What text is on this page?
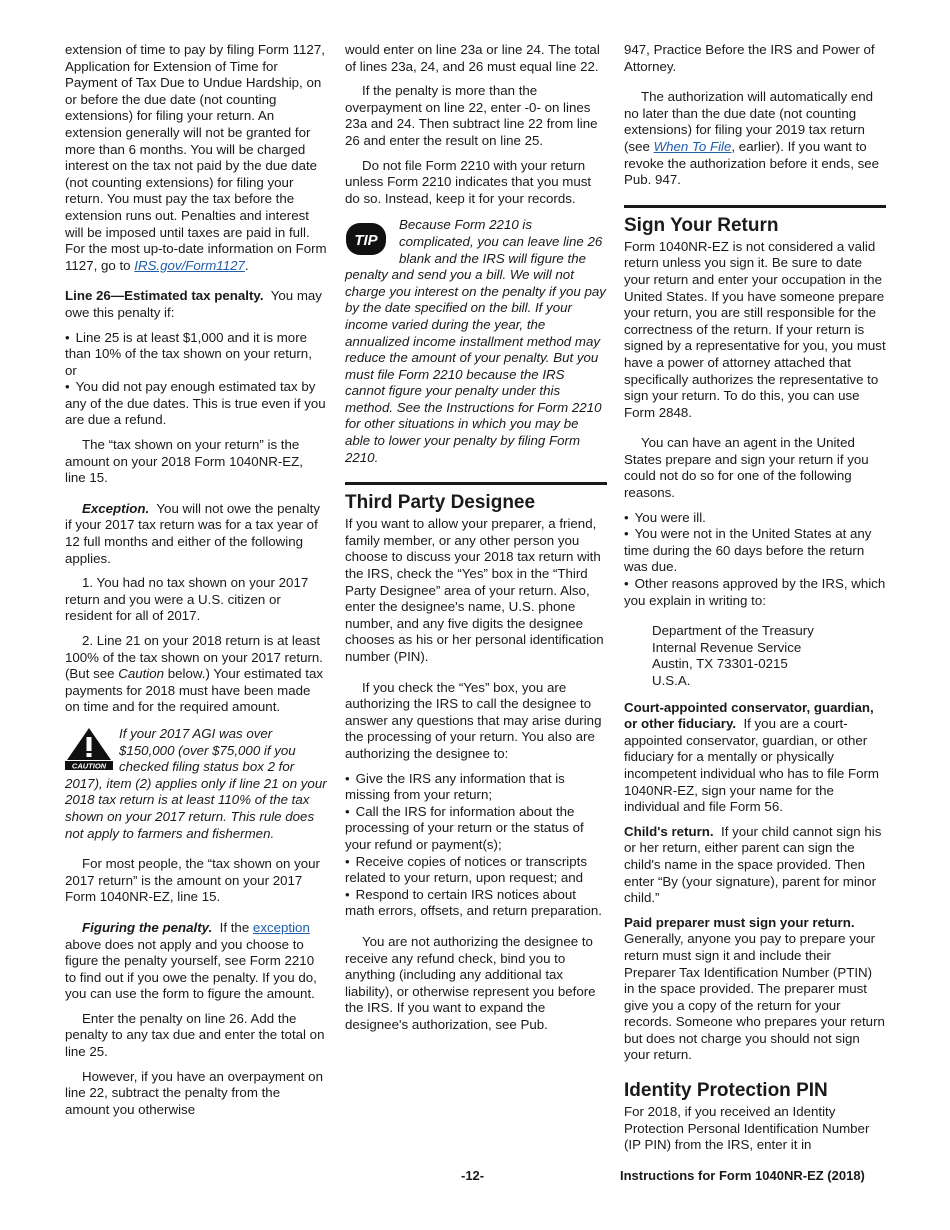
extension of time to pay by filing Form 1127, Application for Extension of Time for Payment of Tax Due to Undue Hardship, on or before the due date (not counting extensions) for filing your return. An extension generally will not be granted for more than 6 months. You will be charged interest on the tax not paid by the due date (not counting extensions) for filing your return. You must pay the tax before the extension runs out. Penalties and interest will be imposed until taxes are paid in full. For the most up-to-date information on Form 1127, go to IRS.gov/Form1127.

Line 26—Estimated tax penalty. You may owe this penalty if:

• Line 25 is at least $1,000 and it is more than 10% of the tax shown on your return, or

• You did not pay enough estimated tax by any of the due dates. This is true even if you are due a refund.

The “tax shown on your return” is the amount on your 2018 Form 1040NR-EZ, line 15.

Exception. You will not owe the penalty if your 2017 tax return was for a tax year of 12 full months and either of the following applies.

1. You had no tax shown on your 2017 return and you were a U.S. citizen or resident for all of 2017.

2. Line 21 on your 2018 return is at least 100% of the tax shown on your 2017 return. (But see Caution below.) Your estimated tax payments for 2018 must have been made on time and for the required amount.

CAUTION
If your 2017 AGI was over $150,000 (over $75,000 if you checked filing status box 2 for 2017), item (2) applies only if line 21 on your 2018 tax return is at least 110% of the tax shown on your 2017 return. This rule does not apply to farmers and fishermen.

For most people, the “tax shown on your 2017 return” is the amount on your 2017 Form 1040NR-EZ, line 15.

Figuring the penalty. If the exception above does not apply and you choose to figure the penalty yourself, see Form 2210 to find out if you owe the penalty. If you do, you can use the form to figure the amount.

Enter the penalty on line 26. Add the penalty to any tax due and enter the total on line 25.

However, if you have an overpayment on line 22, subtract the penalty from the amount you otherwise

would enter on line 23a or line 24. The total of lines 23a, 24, and 26 must equal line 22.

If the penalty is more than the overpayment on line 22, enter -0- on lines 23a and 24. Then subtract line 22 from line 26 and enter the result on line 25.

Do not file Form 2210 with your return unless Form 2210 indicates that you must do so. Instead, keep it for your records.

TIP
Because Form 2210 is complicated, you can leave line 26 blank and the IRS will figure the penalty and send you a bill. We will not charge you interest on the penalty if you pay by the date specified on the bill. If your income varied during the year, the annualized income installment method may reduce the amount of your penalty. But you must file Form 2210 because the IRS cannot figure your penalty under this method. See the Instructions for Form 2210 for other situations in which you may be able to lower your penalty by filing Form 2210.
Third Party Designee

If you want to allow your preparer, a friend, family member, or any other person you choose to discuss your 2018 tax return with the IRS, check the “Yes” box in the “Third Party Designee” area of your return. Also, enter the designee's name, U.S. phone number, and any five digits the designee chooses as his or her personal identification number (PIN).

If you check the “Yes” box, you are authorizing the IRS to call the designee to answer any questions that may arise during the processing of your return. You also are authorizing the designee to:

• Give the IRS any information that is missing from your return;

• Call the IRS for information about the processing of your return or the status of your refund or payment(s);

• Receive copies of notices or transcripts related to your return, upon request; and

• Respond to certain IRS notices about math errors, offsets, and return preparation.

You are not authorizing the designee to receive any refund check, bind you to anything (including any additional tax liability), or otherwise represent you before the IRS. If you want to expand the designee's authorization, see Pub.

947, Practice Before the IRS and Power of Attorney.

The authorization will automatically end no later than the due date (not counting extensions) for filing your 2019 tax return (see When To File, earlier). If you want to revoke the authorization before it ends, see Pub. 947.

Sign Your Return

Form 1040NR-EZ is not considered a valid return unless you sign it. Be sure to date your return and enter your occupation in the United States. If you have someone prepare your return, you are still responsible for the correctness of the return. If your return is signed by a representative for you, you must have a power of attorney attached that specifically authorizes the representative to sign your return. To do this, you can use Form 2848.

You can have an agent in the United States prepare and sign your return if you could not do so for one of the following reasons.

• You were ill.

• You were not in the United States at any time during the 60 days before the return was due.

• Other reasons approved by the IRS, which you explain in writing to:

Department of the Treasury
Internal Revenue Service
Austin, TX 73301-0215
U.S.A.

Court-appointed conservator, guardian, or other fiduciary. If you are a court-appointed conservator, guardian, or other fiduciary for a mentally or physically incompetent individual who has to file Form 1040NR-EZ, sign your name for the individual and file Form 56.

Child's return. If your child cannot sign his or her return, either parent can sign the child's name in the space provided. Then enter “By (your signature), parent for minor child.”

Paid preparer must sign your return. Generally, anyone you pay to prepare your return must sign it and include their Preparer Tax Identification Number (PTIN) in the space provided. The preparer must give you a copy of the return for your records. Someone who prepares your return but does not charge you should not sign your return.

Identity Protection PIN

For 2018, if you received an Identity Protection Personal Identification Number (IP PIN) from the IRS, enter it in

-12-	Instructions for Form 1040NR-EZ (2018)
